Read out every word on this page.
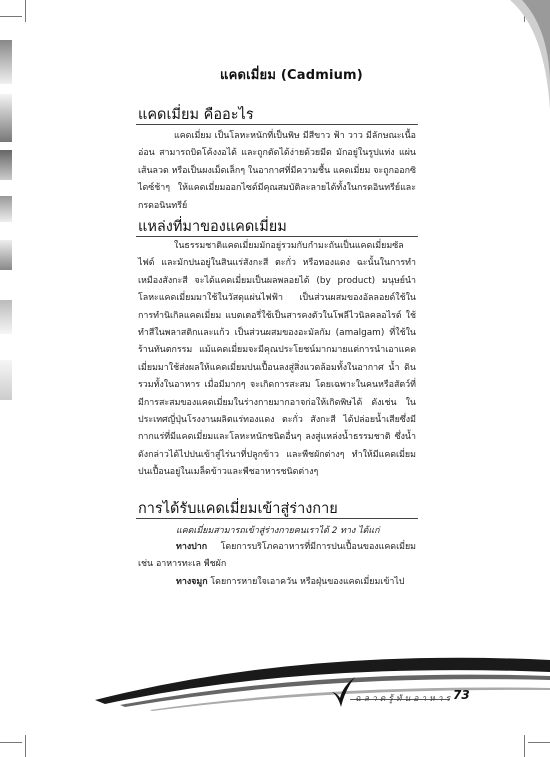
แคดเมี่ยม (Cadmium)
แคดเมี่ยม คืออะไร
แคดเมี่ยม เป็นโลหะหนักที่เป็นพิษ มีสีขาว ฟ้า วาว มีลักษณะเนื้ออ่อน สามารถบิดโค้งงอได้ และถูกตัดได้ง่ายด้วยมีด มักอยู่ในรูปแท่ง แผ่นเส้นลวด หรือเป็นผงเม็ดเล็กๆ ในอากาศที่มีความชื้น แคดเมี่ยม จะถูกออกซิไดซ์ช้าๆ ให้แคดเมี่ยมออกไซด์มีคุณสมบัติละลายได้ทั้งในกรดอินทรีย์และกรดอนินทรีย์
แหล่งที่มาของแคดเมี่ยม
ในธรรมชาติแคดเมี่ยมมักอยู่รวมกับกำมะถันเป็นแคดเมี่ยมซัลไฟด์ และมักปนอยู่ในสินแร่สังกะสี ตะกั่ว หรือทองแดง ฉะนั้นในการทำเหมืองสังกะสี จะได้แคดเมี่ยมเป็นผลพลอยได้ (by product) มนุษย์นำโลหะแคดเมี่ยมมาใช้ในวัสดุแผ่นไฟฟ้า เป็นส่วนผสมของอัลลอยด์ใช้ในการทำนิเกิลแคดเมี่ยม แบตเตอรี่ใช้เป็นสารคงตัวในโพลีไวนิลคลอไรด์ ใช้ทำสีในพลาสติกและแก้ว เป็นส่วนผสมของอะมัลกัม (amalgam) ที่ใช้ในร้านทันตกรรม แม้แคดเมี่ยมจะมีคุณประโยชน์มากมายแต่การนำเอาแคดเมี่ยมมาใช้ส่งผลให้แคดเมี่ยมปนเปื้อนลงสู่สิ่งแวดล้อมทั้งในอากาศ น้ำ ดิน รวมทั้งในอาหาร เมื่อมีมากๆ จะเกิดการสะสม โดยเฉพาะในคนหรือสัตว์ที่มีการสะสมของแคดเมี่ยมในร่างกายมากอาจก่อให้เกิดพิษได้ ดังเช่น ในประเทศญี่ปุ่นโรงงานผลิตแร่ทองแดง ตะกั่ว สังกะสี ได้ปล่อยน้ำเสียซึ่งมีกากแร่ที่มีแคดเมี่ยมและโลหะหนักชนิดอื่นๆ ลงสู่แหล่งน้ำธรรมชาติ ซึ่งน้ำดังกล่าวได้ไปปนเข้าสู่ไร่นาที่ปลูกข้าว และพืชผักต่างๆ ทำให้มีแคดเมี่ยมปนเปื้อนอยู่ในเมล็ดข้าวและพืชอาหารชนิดต่างๆ
การได้รับแคดเมี่ยมเข้าสู่ร่างกาย
แคดเมี่ยมสามารถเข้าสู่ร่างกายคนเราได้ 2 ทาง ได้แก่
ทางปาก โดยการบริโภคอาหารที่มีการปนเปื้อนของแคดเมี่ยม เช่น อาหารทะเล พืชผัก
ทางจมูก โดยการหายใจเอาควัน หรือฝุ่นของแคดเมี่ยมเข้าไป
ฉลาดรู้ทันอาหาร 73
